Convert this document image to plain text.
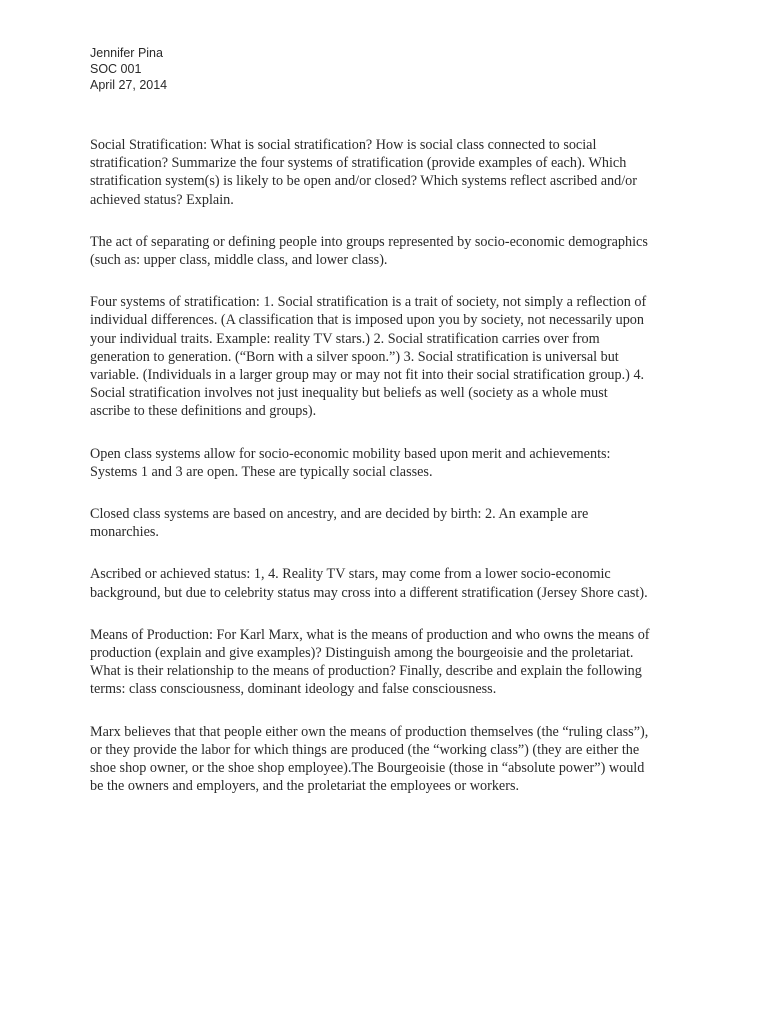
Jennifer Pina
SOC 001
April 27, 2014

Social Stratification: What is social stratification? How is social class connected to social stratification? Summarize the four systems of stratification (provide examples of each). Which stratification system(s) is likely to be open and/or closed? Which systems reflect ascribed and/or achieved status? Explain.

The act of separating or defining people into groups represented by socio-economic demographics (such as: upper class, middle class, and lower class).

Four systems of stratification: 1. Social stratification is a trait of society, not simply a reflection of individual differences. (A classification that is imposed upon you by society, not necessarily upon your individual traits. Example: reality TV stars.) 2. Social stratification carries over from generation to generation. (“Born with a silver spoon.”) 3. Social stratification is universal but variable. (Individuals in a larger group may or may not fit into their social stratification group.) 4. Social stratification involves not just inequality but beliefs as well (society as a whole must ascribe to these definitions and groups).

Open class systems allow for socio-economic mobility based upon merit and achievements: Systems 1 and 3 are open. These are typically social classes.

Closed class systems are based on ancestry, and are decided by birth: 2. An example are monarchies.

Ascribed or achieved status: 1, 4. Reality TV stars, may come from a lower socio-economic background, but due to celebrity status may cross into a different stratification (Jersey Shore cast).

Means of Production: For Karl Marx, what is the means of production and who owns the means of production (explain and give examples)? Distinguish among the bourgeoisie and the proletariat. What is their relationship to the means of production? Finally, describe and explain the following terms: class consciousness, dominant ideology and false consciousness.

Marx believes that that people either own the means of production themselves (the “ruling class”), or they provide the labor for which things are produced (the “working class”) (they are either the shoe shop owner, or the shoe shop employee).The Bourgeoisie (those in “absolute power”) would be the owners and employers, and the proletariat the employees or workers.
